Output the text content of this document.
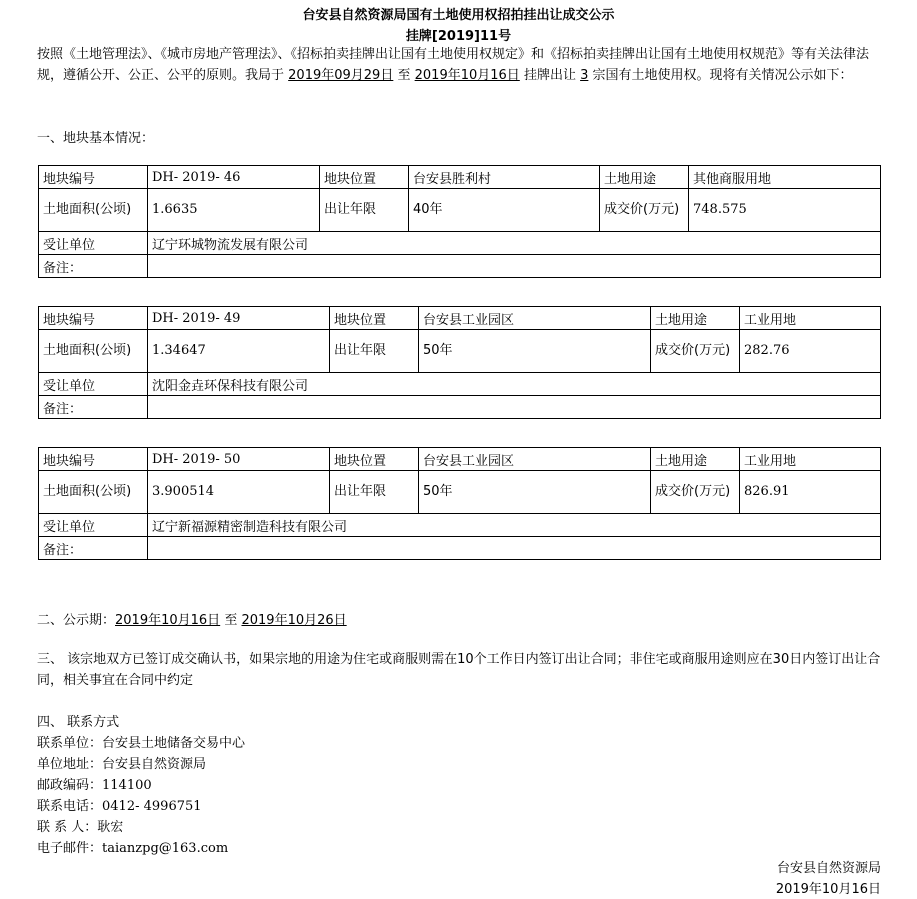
台安县自然资源局国有土地使用权招拍挂出让成交公示
挂牌[2019]11号
按照《土地管理法》、《城市房地产管理法》、《招标拍卖挂牌出让国有土地使用权规定》和《招标拍卖挂牌出让国有土地使用权规范》等有关法律法规，遵循公开、公正、公平的原则。我局于 2019年09月29日 至 2019年10月16日 挂牌出让 3 宗国有土地使用权。现将有关情况公示如下：
一、地块基本情况：
地块编号	DH- 2019- 46	地块位置	台安县胜利村	土地用途	其他商服用地
土地面积(公顷)	1.6635	出让年限	40年	成交价(万元)	748.575
受让单位	辽宁环城物流发展有限公司				
备注：					
地块编号	DH- 2019- 49	地块位置	台安县工业园区	土地用途	工业用地
土地面积(公顷)	1.34647	出让年限	50年	成交价(万元)	282.76
受让单位	沈阳金垚环保科技有限公司				
备注：					
地块编号	DH- 2019- 50	地块位置	台安县工业园区	土地用途	工业用地
土地面积(公顷)	3.900514	出让年限	50年	成交价(万元)	826.91
受让单位	辽宁新福源精密制造科技有限公司				
备注：					
二、公示期：2019年10月16日 至 2019年10月26日
三、 该宗地双方已签订成交确认书，如果宗地的用途为住宅或商服则需在10个工作日内签订出让合同；非住宅或商服用途则应在30日内签订出让合同，相关事宜在合同中约定
四、 联系方式
联系单位：台安县土地储备交易中心
单位地址：台安县自然资源局
邮政编码：114100
联系电话：0412- 4996751
联 系 人：耿宏
电子邮件：taianzpg@163.com
台安县自然资源局
2019年10月16日
